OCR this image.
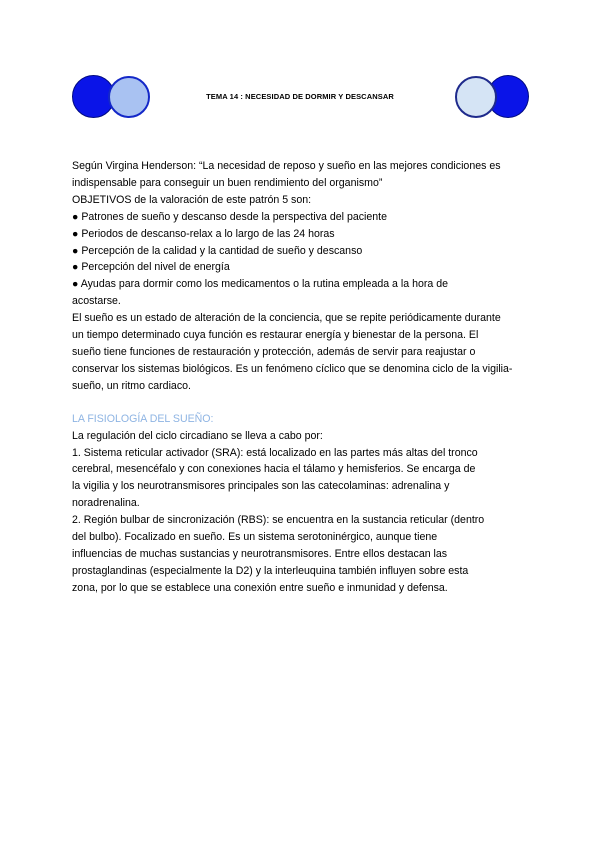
TEMA 14 : NECESIDAD DE DORMIR Y DESCANSAR
Según Virgina Henderson: “La necesidad de reposo y sueño en las mejores condiciones es
indispensable para conseguir un buen rendimiento del organismo”
OBJETIVOS de la valoración de este patrón 5 son:
● Patrones de sueño y descanso desde la perspectiva del paciente
● Periodos de descanso-relax a lo largo de las 24 horas
● Percepción de la calidad y la cantidad de sueño y descanso
● Percepción del nivel de energía
● Ayudas para dormir como los medicamentos o la rutina empleada a la hora de
acostarse.
El sueño es un estado de alteración de la conciencia, que se repite periódicamente durante
un tiempo determinado cuya función es restaurar energía y bienestar de la persona. El
sueño tiene funciones de restauración y protección, además de servir para reajustar o
conservar los sistemas biológicos. Es un fenómeno cíclico que se denomina ciclo de la vigilia-
sueño, un ritmo cardiaco.
LA FISIOLOGÍA DEL SUEÑO:
La regulación del ciclo circadiano se lleva a cabo por:
1. Sistema reticular activador (SRA): está localizado en las partes más altas del tronco
cerebral, mesencéfalo y con conexiones hacia el tálamo y hemisferios. Se encarga de
la vigilia y los neurotransmisores principales son las catecolaminas: adrenalina y
noradrenalina.
2. Región bulbar de sincronización (RBS): se encuentra en la sustancia reticular (dentro
del bulbo). Focalizado en sueño. Es un sistema serotoninérgico, aunque tiene
influencias de muchas sustancias y neurotransmisores. Entre ellos destacan las
prostaglandinas (especialmente la D2) y la interleuquina también influyen sobre esta
zona, por lo que se establece una conexión entre sueño e inmunidad y defensa.
